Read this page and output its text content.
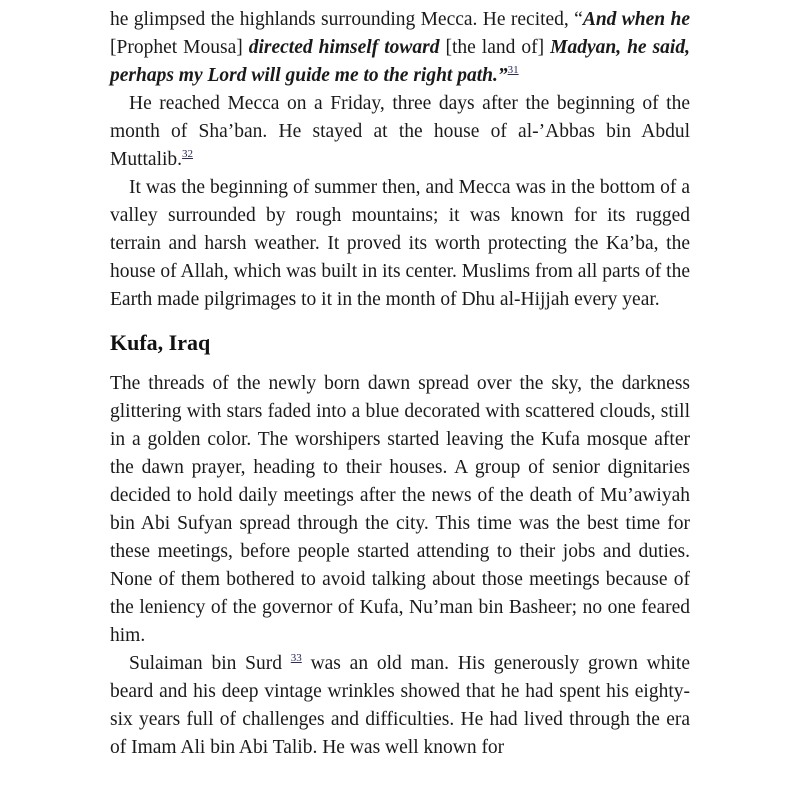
he glimpsed the highlands surrounding Mecca. He recited, “And when he [Prophet Mousa] directed himself toward [the land of] Madyan, he said, perhaps my Lord will guide me to the right path.”$^{31}$

He reached Mecca on a Friday, three days after the beginning of the month of Sha’ban. He stayed at the house of al-’Abbas bin Abdul Muttalib.$^{32}$

It was the beginning of summer then, and Mecca was in the bottom of a valley surrounded by rough mountains; it was known for its rugged terrain and harsh weather. It proved its worth protecting the Ka’ba, the house of Allah, which was built in its center. Muslims from all parts of the Earth made pilgrimages to it in the month of Dhu al-Hijjah every year.

Kufa, Iraq

The threads of the newly born dawn spread over the sky, the darkness glittering with stars faded into a blue decorated with scattered clouds, still in a golden color. The worshipers started leaving the Kufa mosque after the dawn prayer, heading to their houses. A group of senior dignitaries decided to hold daily meetings after the news of the death of Mu’awiyah bin Abi Sufyan spread through the city. This time was the best time for these meetings, before people started attending to their jobs and duties. None of them bothered to avoid talking about those meetings because of the leniency of the governor of Kufa, Nu’man bin Basheer; no one feared him.

Sulaiman bin Surd $^{33}$ was an old man. His generously grown white beard and his deep vintage wrinkles showed that he had spent his eighty-six years full of challenges and difficulties. He had lived through the era of Imam Ali bin Abi Talib. He was well known for
